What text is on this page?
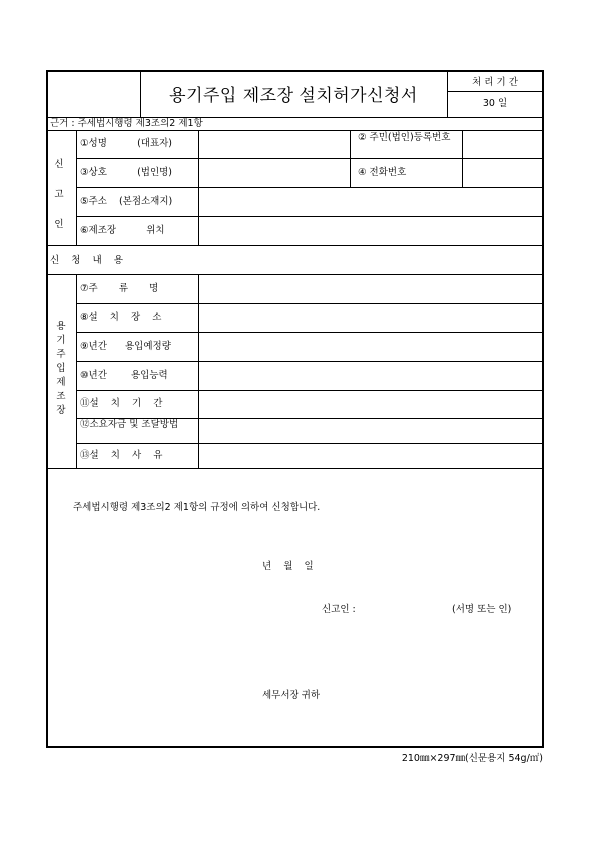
용기주입 제조장 설치허가신청서
처 리 기 간
30 일
근거 : 주세법시행령 제3조의2 제1항
신고인
①성명          (대표자)
② 주민(법인)등록번호
③상호          (법인명)	④ 전화번호
⑤주소    (본점소재지)
⑥제조장          위치
신    청    내    용
용기주입제조장
⑦주       류       명
⑧설    치    장    소
⑨년간      용입예정량
⑩년간        용입능력
⑪설    치    기    간
⑫소요자금 및 조달방법
⑬설    치    사    유
주세법시행령 제3조의2 제1항의 규정에 의하여 신청합니다.
년    월    일
신고인 :	(서명 또는 인)
세무서장 귀하
210㎜×297㎜(신문용지 54g/㎡)
